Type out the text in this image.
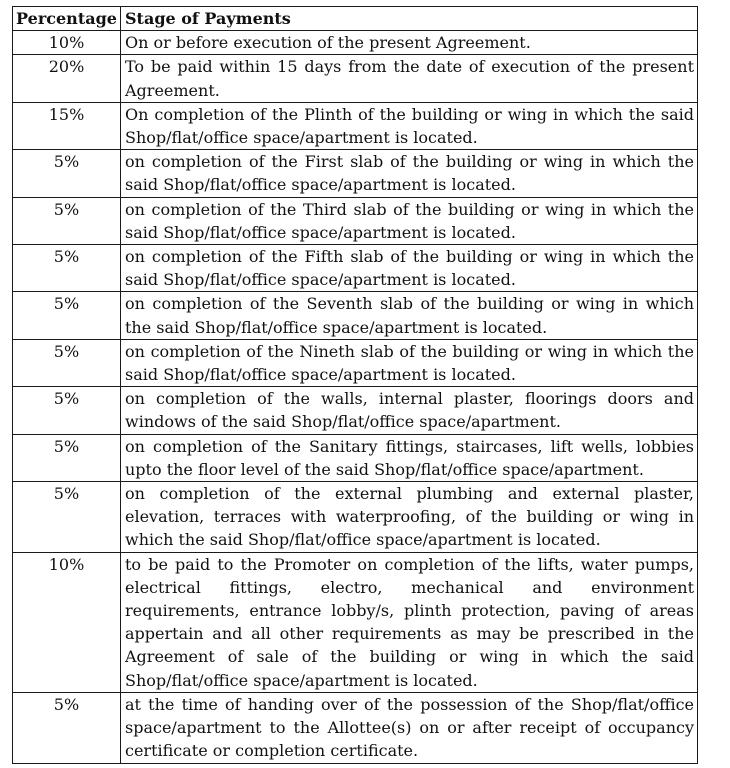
Percentage	Stage of Payments
10%	On or before execution of the present Agreement.
20%	To be paid within 15 days from the date of execution of the present Agreement.
15%	On completion of the Plinth of the building or wing in which the said Shop/flat/office space/apartment is located.
5%	on completion of the First slab of the building or wing in which the said Shop/flat/office space/apartment is located.
5%	on completion of the Third slab of the building or wing in which the said Shop/flat/office space/apartment is located.
5%	on completion of the Fifth slab of the building or wing in which the said Shop/flat/office space/apartment is located.
5%	on completion of the Seventh slab of the building or wing in which the said Shop/flat/office space/apartment is located.
5%	on completion of the Nineth slab of the building or wing in which the said Shop/flat/office space/apartment is located.
5%	on completion of the walls, internal plaster, floorings doors and windows of the said Shop/flat/office space/apartment.
5%	on completion of the Sanitary fittings, staircases, lift wells, lobbies upto the floor level of the said Shop/flat/office space/apartment.
5%	on completion of the external plumbing and external plaster, elevation, terraces with waterproofing, of the building or wing in which the said Shop/flat/office space/apartment is located.
10%	to be paid to the Promoter on completion of the lifts, water pumps, electrical fittings, electro, mechanical and environment requirements, entrance lobby/s, plinth protection, paving of areas appertain and all other requirements as may be prescribed in the Agreement of sale of the building or wing in which the said Shop/flat/office space/apartment is located.
5%	at the time of handing over of the possession of the Shop/flat/office space/apartment to the Allottee(s) on or after receipt of occupancy certificate or completion certificate.
